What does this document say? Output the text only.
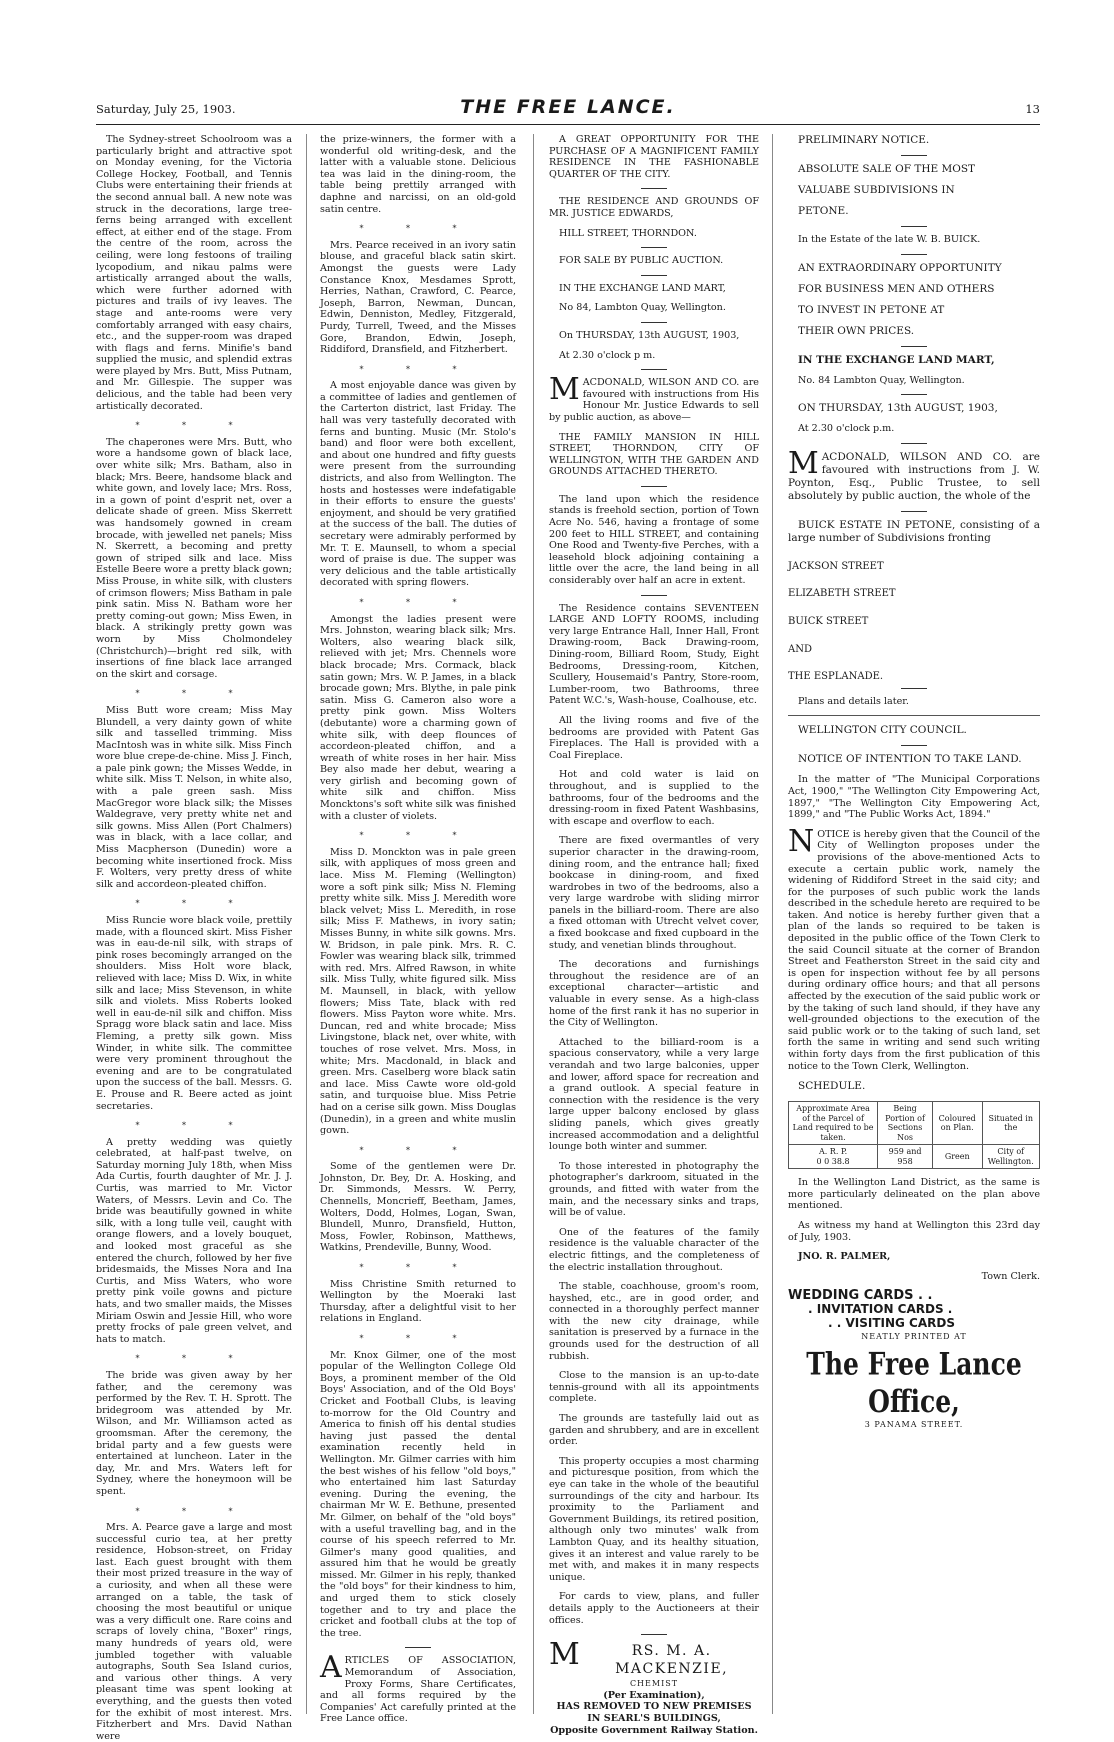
Saturday, July 25, 1903.	THE FREE LANCE.	13

The Sydney-street Schoolroom was a particularly bright and attractive spot on Monday evening, for the Victoria College Hockey, Football, and Tennis Clubs were entertaining their friends at the second annual ball. A new note was struck in the decorations, large tree-ferns being arranged with excellent effect, at either end of the stage. From the centre of the room, across the ceiling, were long festoons of trailing lycopodium, and nikau palms were artistically arranged about the walls, which were further adorned with pictures and trails of ivy leaves. The stage and ante-rooms were very comfortably arranged with easy chairs, etc., and the supper-room was draped with flags and ferns. Minifie's band supplied the music, and splendid extras were played by Mrs. Butt, Miss Putnam, and Mr. Gillespie. The supper was delicious, and the table had been very artistically decorated.

* * *

The chaperones were Mrs. Butt, who wore a handsome gown of black lace, over white silk; Mrs. Batham, also in black; Mrs. Beere, handsome black and white gown, and lovely lace; Mrs. Ross, in a gown of point d'esprit net, over a delicate shade of green. Miss Skerrett was handsomely gowned in cream brocade, with jewelled net panels; Miss N. Skerrett, a becoming and pretty gown of striped silk and lace. Miss Estelle Beere wore a pretty black gown; Miss Prouse, in white silk, with clusters of crimson flowers; Miss Batham in pale pink satin. Miss N. Batham wore her pretty coming-out gown; Miss Ewen, in black. A strikingly pretty gown was worn by Miss Cholmondeley (Christchurch)—bright red silk, with insertions of fine black lace arranged on the skirt and corsage.

* * *

Miss Butt wore cream; Miss May Blundell, a very dainty gown of white silk and tasselled trimming. Miss MacIntosh was in white silk. Miss Finch wore blue crepe-de-chine. Miss J. Finch, a pale pink gown; the Misses Wedde, in white silk. Miss T. Nelson, in white also, with a pale green sash. Miss MacGregor wore black silk; the Misses Waldegrave, very pretty white net and silk gowns. Miss Allen (Port Chalmers) was in black, with a lace collar, and Miss Macpherson (Dunedin) wore a becoming white insertioned frock. Miss F. Wolters, very pretty dress of white silk and accordeon-pleated chiffon.

* * *

Miss Runcie wore black voile, prettily made, with a flounced skirt. Miss Fisher was in eau-de-nil silk, with straps of pink roses becomingly arranged on the shoulders. Miss Holt wore black, relieved with lace; Miss D. Wix, in white silk and lace; Miss Stevenson, in white silk and violets. Miss Roberts looked well in eau-de-nil silk and chiffon. Miss Spragg wore black satin and lace. Miss Fleming, a pretty silk gown. Miss Winder, in white silk. The committee were very prominent throughout the evening and are to be congratulated upon the success of the ball. Messrs. G. E. Prouse and R. Beere acted as joint secretaries.

* * *

A pretty wedding was quietly celebrated, at half-past twelve, on Saturday morning July 18th, when Miss Ada Curtis, fourth daughter of Mr. J. J. Curtis, was married to Mr. Victor Waters, of Messrs. Levin and Co. The bride was beautifully gowned in white silk, with a long tulle veil, caught with orange flowers, and a lovely bouquet, and looked most graceful as she entered the church, followed by her five bridesmaids, the Misses Nora and Ina Curtis, and Miss Waters, who wore pretty pink voile gowns and picture hats, and two smaller maids, the Misses Miriam Oswin and Jessie Hill, who wore pretty frocks of pale green velvet, and hats to match.

* * *

The bride was given away by her father, and the ceremony was performed by the Rev. T. H. Sprott. The bridegroom was attended by Mr. Wilson, and Mr. Williamson acted as groomsman. After the ceremony, the bridal party and a few guests were entertained at luncheon. Later in the day, Mr. and Mrs. Waters left for Sydney, where the honeymoon will be spent.

* * *

Mrs. A. Pearce gave a large and most successful curio tea, at her pretty residence, Hobson-street, on Friday last. Each guest brought with them their most prized treasure in the way of a curiosity, and when all these were arranged on a table, the task of choosing the most beautiful or unique was a very difficult one. Rare coins and scraps of lovely china, "Boxer" rings, many hundreds of years old, were jumbled together with valuable autographs, South Sea Island curios, and various other things. A very pleasant time was spent looking at everything, and the guests then voted for the exhibit of most interest. Mrs. Fitzherbert and Mrs. David Nathan were

the prize-winners, the former with a wonderful old writing-desk, and the latter with a valuable stone. Delicious tea was laid in the dining-room, the table being prettily arranged with daphne and narcissi, on an old-gold satin centre.

* * *

Mrs. Pearce received in an ivory satin blouse, and graceful black satin skirt. Amongst the guests were Lady Constance Knox, Mesdames Sprott, Herries, Nathan, Crawford, C. Pearce, Joseph, Barron, Newman, Duncan, Edwin, Denniston, Medley, Fitzgerald, Purdy, Turrell, Tweed, and the Misses Gore, Brandon, Edwin, Joseph, Riddiford, Dransfield, and Fitzherbert.

* * *

A most enjoyable dance was given by a committee of ladies and gentlemen of the Carterton district, last Friday. The hall was very tastefully decorated with ferns and bunting. Music (Mr. Stolo's band) and floor were both excellent, and about one hundred and fifty guests were present from the surrounding districts, and also from Wellington. The hosts and hostesses were indefatigable in their efforts to ensure the guests' enjoyment, and should be very gratified at the success of the ball. The duties of secretary were admirably performed by Mr. T. E. Maunsell, to whom a special word of praise is due. The supper was very delicious and the table artistically decorated with spring flowers.

* * *

Amongst the ladies present were Mrs. Johnston, wearing black silk; Mrs. Wolters, also wearing black silk, relieved with jet; Mrs. Chennels wore black brocade; Mrs. Cormack, black satin gown; Mrs. W. P. James, in a black brocade gown; Mrs. Blythe, in pale pink satin. Miss G. Cameron also wore a pretty pink gown. Miss Wolters (debutante) wore a charming gown of white silk, with deep flounces of accordeon-pleated chiffon, and a wreath of white roses in her hair. Miss Bey also made her debut, wearing a very girlish and becoming gown of white silk and chiffon. Miss Moncktons's soft white silk was finished with a cluster of violets.

* * *

Miss D. Monckton was in pale green silk, with appliques of moss green and lace. Miss M. Fleming (Wellington) wore a soft pink silk; Miss N. Fleming pretty white silk. Miss J. Meredith wore black velvet; Miss L. Meredith, in rose silk; Miss F. Mathews, in ivory satin; Misses Bunny, in white silk gowns. Mrs. W. Bridson, in pale pink. Mrs. R. C. Fowler was wearing black silk, trimmed with red. Mrs. Alfred Rawson, in white silk. Miss Tully, white figured silk. Miss M. Maunsell, in black, with yellow flowers; Miss Tate, black with red flowers. Miss Payton wore white. Mrs. Duncan, red and white brocade; Miss Livingstone, black net, over white, with touches of rose velvet. Mrs. Moss, in white; Mrs. Macdonald, in black and green. Mrs. Caselberg wore black satin and lace. Miss Cawte wore old-gold satin, and turquoise blue. Miss Petrie had on a cerise silk gown. Miss Douglas (Dunedin), in a green and white muslin gown.

* * *

Some of the gentlemen were Dr. Johnston, Dr. Bey, Dr. A. Hosking, and Dr. Simmonds, Messrs. W. Perry, Chennells, Moncrieff, Beetham, James, Wolters, Dodd, Holmes, Logan, Swan, Blundell, Munro, Dransfield, Hutton, Moss, Fowler, Robinson, Matthews, Watkins, Prendeville, Bunny, Wood.

* * *

Miss Christine Smith returned to Wellington by the Moeraki last Thursday, after a delightful visit to her relations in England.

* * *

Mr. Knox Gilmer, one of the most popular of the Wellington College Old Boys, a prominent member of the Old Boys' Association, and of the Old Boys' Cricket and Football Clubs, is leaving to-morrow for the Old Country and America to finish off his dental studies having just passed the dental examination recently held in Wellington. Mr. Gilmer carries with him the best wishes of his fellow "old boys," who entertained him last Saturday evening. During the evening, the chairman Mr W. E. Bethune, presented Mr. Gilmer, on behalf of the "old boys" with a useful travelling bag, and in the course of his speech referred to Mr. Gilmer's many good qualities, and assured him that he would be greatly missed. Mr. Gilmer in his reply, thanked the "old boys" for their kindness to him, and urged them to stick closely together and to try and place the cricket and football clubs at the top of the tree.

ARTICLES OF ASSOCIATION, Memorandum of Association, Proxy Forms, Share Certificates, and all forms required by the Companies' Act carefully printed at the Free Lance office.

A GREAT OPPORTUNITY FOR THE PURCHASE OF A MAGNIFICENT FAMILY RESIDENCE IN THE FASHIONABLE QUARTER OF THE CITY.

THE RESIDENCE AND GROUNDS OF MR. JUSTICE EDWARDS,

HILL STREET, THORNDON.

FOR SALE BY PUBLIC AUCTION.

IN THE EXCHANGE LAND MART,

No 84, Lambton Quay, Wellington.

On THURSDAY, 13th AUGUST, 1903,

At 2.30 o'clock p m.

MACDONALD, WILSON AND CO. are favoured with instructions from His Honour Mr. Justice Edwards to sell by public auction, as above—

THE FAMILY MANSION IN HILL STREET, THORNDON, CITY OF WELLINGTON, WITH THE GARDEN AND GROUNDS ATTACHED THERETO.

The land upon which the residence stands is freehold section, portion of Town Acre No. 546, having a frontage of some 200 feet to HILL STREET, and containing One Rood and Twenty-five Perches, with a leasehold block adjoining containing a little over the acre, the land being in all considerably over half an acre in extent.

The Residence contains SEVENTEEN LARGE AND LOFTY ROOMS, including very large Entrance Hall, Inner Hall, Front Drawing-room, Back Drawing-room, Dining-room, Billiard Room, Study, Eight Bedrooms, Dressing-room, Kitchen, Scullery, Housemaid's Pantry, Store-room, Lumber-room, two Bathrooms, three Patent W.C.'s, Wash-house, Coalhouse, etc.

All the living rooms and five of the bedrooms are provided with Patent Gas Fireplaces. The Hall is provided with a Coal Fireplace.

Hot and cold water is laid on throughout, and is supplied to the bathrooms, four of the bedrooms and the dressing-room in fixed Patent Washbasins, with escape and overflow to each.

There are fixed overmantles of very superior character in the drawing-room, dining room, and the entrance hall; fixed bookcase in dining-room, and fixed wardrobes in two of the bedrooms, also a very large wardrobe with sliding mirror panels in the billiard-room. There are also a fixed ottoman with Utrecht velvet cover, a fixed bookcase and fixed cupboard in the study, and venetian blinds throughout.

The decorations and furnishings throughout the residence are of an exceptional character—artistic and valuable in every sense. As a high-class home of the first rank it has no superior in the City of Wellington.

Attached to the billiard-room is a spacious conservatory, while a very large verandah and two large balconies, upper and lower, afford space for recreation and a grand outlook. A special feature in connection with the residence is the very large upper balcony enclosed by glass sliding panels, which gives greatly increased accommodation and a delightful lounge both winter and summer.

To those interested in photography the photographer's darkroom, situated in the grounds, and fitted with water from the main, and the necessary sinks and traps, will be of value.

One of the features of the family residence is the valuable character of the electric fittings, and the completeness of the electric installation throughout.

The stable, coachhouse, groom's room, hayshed, etc., are in good order, and connected in a thoroughly perfect manner with the new city drainage, while sanitation is preserved by a furnace in the grounds used for the destruction of all rubbish.

Close to the mansion is an up-to-date tennis-ground with all its appointments complete.

The grounds are tastefully laid out as garden and shrubbery, and are in excellent order.

This property occupies a most charming and picturesque position, from which the eye can take in the whole of the beautiful surroundings of the city and harbour. Its proximity to the Parliament and Government Buildings, its retired position, although only two minutes' walk from Lambton Quay, and its healthy situation, gives it an interest and value rarely to be met with, and makes it in many respects unique.

For cards to view, plans, and fuller details apply to the Auctioneers at their offices.

M	RS. M. A. MACKENZIE,
CHEMIST
(Per Examination),
HAS REMOVED TO NEW PREMISES
IN SEARL'S BUILDINGS,
Opposite Government Railway Station.

PRELIMINARY NOTICE.

ABSOLUTE SALE OF THE MOST

VALUABE SUBDIVISIONS IN

PETONE.

In the Estate of the late W. B. BUICK.

AN EXTRAORDINARY OPPORTUNITY

FOR BUSINESS MEN AND OTHERS

TO INVEST IN PETONE AT

THEIR OWN PRICES.

IN THE EXCHANGE LAND MART,

No. 84 Lambton Quay, Wellington.

ON THURSDAY, 13th AUGUST, 1903,

At 2.30 o'clock p.m.

MACDONALD, WILSON AND CO. are favoured with instructions from J. W. Poynton, Esq., Public Trustee, to sell absolutely by public auction, the whole of the

BUICK ESTATE IN PETONE, consisting of a large number of Subdivisions fronting

JACKSON STREET

ELIZABETH STREET

BUICK STREET

AND

THE ESPLANADE.

Plans and details later.

WELLINGTON CITY COUNCIL.

NOTICE OF INTENTION TO TAKE LAND.

In the matter of "The Municipal Corporations Act, 1900," "The Wellington City Empowering Act, 1897," "The Wellington City Empowering Act, 1899," and "The Public Works Act, 1894."

NOTICE is hereby given that the Council of the City of Wellington proposes under the provisions of the above-mentioned Acts to execute a certain public work, namely the widening of Riddiford Street in the said city; and for the purposes of such public work the lands described in the schedule hereto are required to be taken. And notice is hereby further given that a plan of the lands so required to be taken is deposited in the public office of the Town Clerk to the said Council situate at the corner of Brandon Street and Featherston Street in the said city and is open for inspection without fee by all persons during ordinary office hours; and that all persons affected by the execution of the said public work or by the taking of such land should, if they have any well-grounded objections to the execution of the said public work or to the taking of such land, set forth the same in writing and send such writing within forty days from the first publication of this notice to the Town Clerk, Wellington.

SCHEDULE.

Approximate Area of the Parcel of Land required to be taken.	Being Portion of Sections Nos	Coloured on Plan.	Situated in the

A. R. P.
0 0 38.8	959 and 958	Green	City of Wellington.

In the Wellington Land District, as the same is more particularly delineated on the plan above mentioned.

As witness my hand at Wellington this 23rd day of July, 1903.

JNO. R. PALMER,

Town Clerk.

WEDDING CARDS . .
. INVITATION CARDS .
. . VISITING CARDS
NEATLY PRINTED AT
The Free Lance Office,
3 PANAMA STREET.
